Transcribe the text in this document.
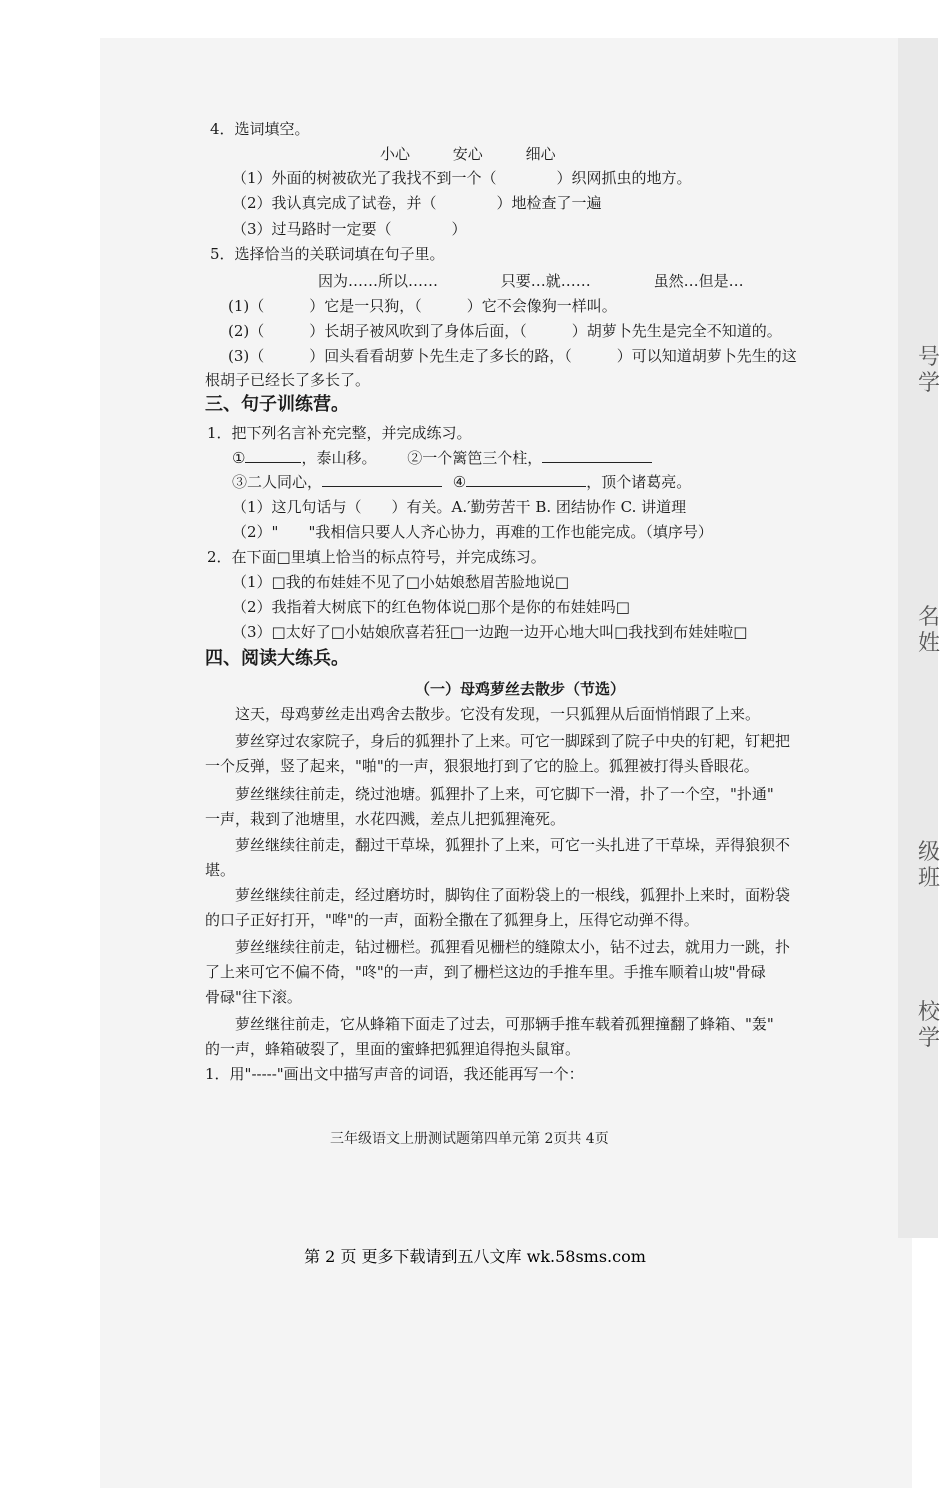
号学
名姓
级班
校学
4．选词填空。
小心	安心	细心
（1）外面的树被砍光了我找不到一个（　　　　）织网抓虫的地方。
（2）我认真完成了试卷，并（　　　　）地检查了一遍
（3）过马路时一定要（　　　　）
5．选择恰当的关联词填在句子里。
因为……所以……	只要…就……	虽然…但是…
(1)（　　　）它是一只狗，（　　　）它不会像狗一样叫。
(2)（　　　）长胡子被风吹到了身体后面，（　　　）胡萝卜先生是完全不知道的。
(3)（　　　）回头看看胡萝卜先生走了多长的路，（　　　）可以知道胡萝卜先生的这
根胡子已经长了多长了。
三、句子训练营。
1．把下列名言补充完整，并完成练习。
①	，泰山移。 ②一个篱笆三个柱，
③二人同心，	④	，顶个诸葛亮。
（1）这几句话与（　　）有关。A.′勤劳苦干 B. 团结协作 C. 讲道理
（2）"　　"我相信只要人人齐心协力，再难的工作也能完成。（填序号）
2．在下面□里填上恰当的标点符号，并完成练习。
（1）□我的布娃娃不见了□小姑娘愁眉苦脸地说□
（2）我指着大树底下的红色物体说□那个是你的布娃娃吗□
（3）□太好了□小姑娘欣喜若狂□一边跑一边开心地大叫□我找到布娃娃啦□
四、阅读大练兵。
（一）母鸡萝丝去散步（节选）
　　这天，母鸡萝丝走出鸡舍去散步。它没有发现，一只狐狸从后面悄悄跟了上来。
　　萝丝穿过农家院子，身后的狐狸扑了上来。可它一脚踩到了院子中央的钉耙，钉耙把
一个反弹，竖了起来，"啪"的一声，狠狠地打到了它的脸上。狐狸被打得头昏眼花。
　　萝丝继续往前走，绕过池塘。狐狸扑了上来，可它脚下一滑，扑了一个空，"扑通"
一声，栽到了池塘里，水花四溅，差点儿把狐狸淹死。
　　萝丝继续往前走，翻过干草垛，狐狸扑了上来，可它一头扎进了干草垛，弄得狼狈不
堪。
　　萝丝继续往前走，经过磨坊时，脚钩住了面粉袋上的一根线，狐狸扑上来时，面粉袋
的口子正好打开，"哗"的一声，面粉全撒在了狐狸身上，压得它动弹不得。
　　萝丝继续往前走，钻过栅栏。孤狸看见栅栏的缝隙太小，钻不过去，就用力一跳，扑
了上来可它不偏不倚，"咚"的一声，到了栅栏这边的手推车里。手推车顺着山坡"骨碌
骨碌"往下滚。
　　萝丝继往前走，它从蜂箱下面走了过去，可那辆手推车载着孤狸撞翻了蜂箱、"轰"
的一声，蜂箱破裂了，里面的蜜蜂把狐狸追得抱头鼠窜。
1．用"-----"画出文中描写声音的词语，我还能再写一个：
三年级语文上册测试题第四单元第 2页共 4页
第 2 页 更多下载请到五八文库 wk.58sms.com
